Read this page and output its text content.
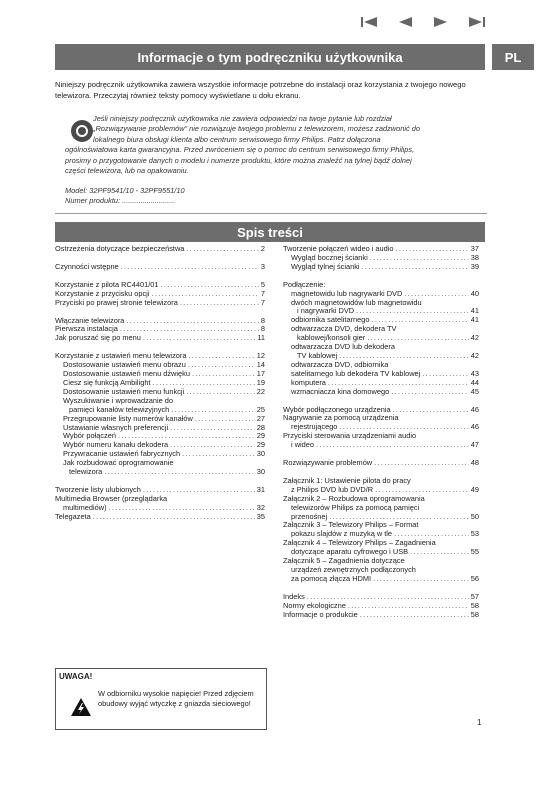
Informacje o tym podręczniku użytkownika	PL

Niniejszy podręcznik użytkownika zawiera wszystkie informacje potrzebne do instalacji oraz korzystania z twojego nowego telewizora. Przeczytaj również teksty pomocy wyświetlane u dołu ekranu.

Jeśli niniejszy podręcznik użytkownika nie zawiera odpowiedzi na twoje pytanie lub rozdział
„Rozwiązywanie problemów” nie rozwiązuje twojego problemu z telewizorem, możesz zadzwonić do
lokalnego biura obsługi klienta albo centrum serwisowego firmy Philips. Patrz dołączona
ogólnoświatowa karta gwarancyjna. Przed zwróceniem się o pomoc do centrum serwisowego firmy Philips,
prosimy o przygotowanie danych o modelu i numerze produktu, które można znaleźć na tylnej bądź dolnej
części telewizora, lub na opakowaniu.
Model: 32PF9541/10 - 32PF9551/10
Numer produktu: ..........................
Spis treści
Ostrzeżenia dotyczące bezpieczeństwa .....	2
Czynności wstępne .....	3
Korzystanie z pilota RC4401/01 .....	5
Korzystanie z przycisku opcji .....	7
Przyciski po prawej stronie telewizora .....	7
Włączanie telewizora .....	8
Pierwsza instalacja .....	8
Jak poruszać się po menu .....	11
Korzystanie z ustawień menu telewizora .....	12
Dostosowanie ustawień menu obrazu .....	14
Dostosowanie ustawień menu dźwięku .....	17
Ciesz się funkcją Ambilight .....	19
Dostosowanie ustawień menu funkcji .....	22
Wyszukiwanie i wprowadzanie do
pamięci kanałów telewizyjnych .....	25
Przegrupowanie listy numerów kanałów .....	27
Ustawianie własnych preferencji .....	28
Wybór połączeń .....	29
Wybór numeru kanału dekodera .....	29
Przywracanie ustawień fabrycznych .....	30
Jak rozbudować oprogramowanie
telewizora .....	30
Tworzenie listy ulubionych .....	31
Multimedia Browser (przeglądarka
multimediów) .....	32
Telegazeta .....	35
Tworzenie połączeń wideo i audio .....	37
Wygląd bocznej ścianki .....	38
Wygląd tylnej ścianki .....	39
Podłączenie:
magnetowidu lub nagrywarki DVD .....	40
dwóch magnetowidów lub magnetowidu
i nagrywarki DVD .....	41
odbiornika satelitarnego .....	41
odtwarzacza DVD, dekodera TV
kablowej/konsoli gier .....	42
odtwarzacza DVD lub dekodera
TV kablowej .....	42
odtwarzacza DVD, odbiornika
satelitarnego lub dekodera TV kablowej .....	43
komputera .....	44
wzmacniacza kina domowego .....	45
Wybór podłączonego urządzenia .....	46
Nagrywanie za pomocą urządzenia
rejestrującego .....	46
Przyciski sterowania urządzeniami audio
i wideo .....	47
Rozwiązywanie problemów .....	48
Załącznik 1: Ustawienie pilota do pracy
z Philips DVD lub DVD/R .....	49
Załącznik 2 – Rozbudowa oprogramowania
telewizorów Philips za pomocą pamięci
przenośnej .....	50
Załącznik 3 – Telewizory Philips – Format
pokazu slajdów z muzyką w tle .....	53
Załącznik 4 – Telewizory Philips – Zagadnienia
dotyczące aparatu cyfrowego i USB .....	55
Załącznik 5 – Zagadnienia dotyczące
urządzeń zewnętrznych podłączonych
za pomocą złącza HDMI .....	56
Indeks .....	57
Normy ekologiczne .....	58
Informacje o produkcie .....	58
UWAGA!
W odbiorniku wysokie napięcie! Przed zdjęciem obudowy wyjąć wtyczkę z gniazda sieciowego!
1
